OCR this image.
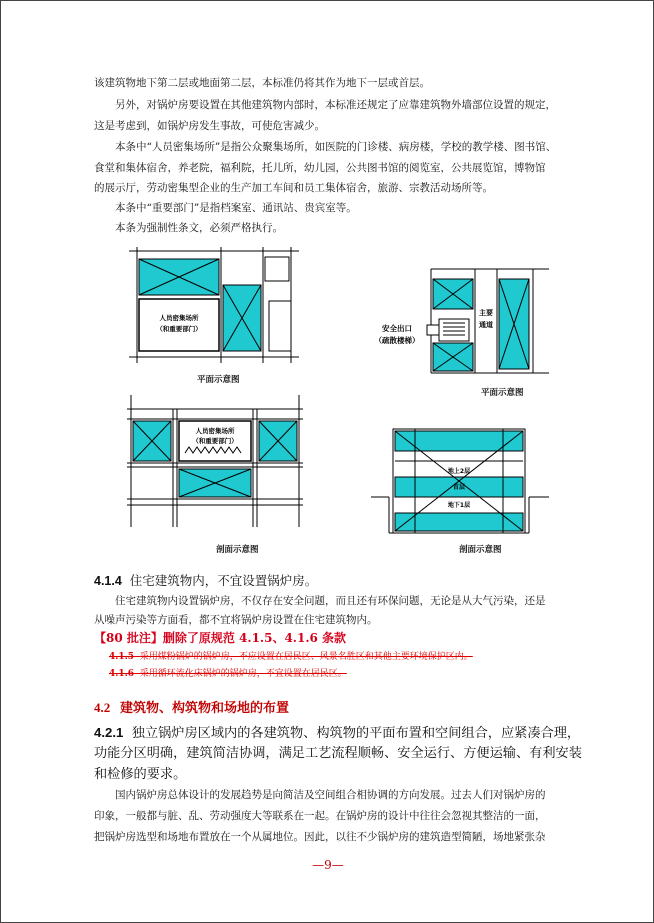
该建筑物地下第二层或地面第二层，本标准仍将其作为地下一层或首层。

另外，对锅炉房要设置在其他建筑物内部时，本标准还规定了应靠建筑物外墙部位设置的规定，

这是考虑到，如锅炉房发生事故，可使危害减少。

本条中“人员密集场所”是指公众聚集场所，如医院的门诊楼、病房楼，学校的教学楼、图书馆、

食堂和集体宿舍，养老院，福利院，托儿所，幼儿园，公共图书馆的阅览室，公共展览馆，博物馆

的展示厅，劳动密集型企业的生产加工车间和员工集体宿舍，旅游、宗教活动场所等。

本条中“重要部门”是指档案室、通讯站、贵宾室等。

本条为强制性条文，必须严格执行。

人员密集场所
（和重要部门）
平面示意图
安全出口
（疏散楼梯）
主要
通道
平面示意图
人员密集场所
（和重要部门）
剖面示意图
地上2层
首层
地下1层
剖面示意图
4.1.4 住宅建筑物内，不宜设置锅炉房。

住宅建筑物内设置锅炉房，不仅存在安全问题，而且还有环保问题，无论是从大气污染，还是

从噪声污染等方面看，都不宜将锅炉房设置在住宅建筑物内。

【80 批注】删除了原规范 4.1.5、4.1.6 条款
4.1.5 采用煤粉锅炉的锅炉房，不应设置在居民区、风景名胜区和其他主要环境保护区内。
4.1.6 采用循环流化床锅炉的锅炉房，不宜设置在居民区。
4.2 建筑物、构筑物和场地的布置
4.2.1 独立锅炉房区域内的各建筑物、构筑物的平面布置和空间组合，应紧凑合理，
功能分区明确，建筑简洁协调，满足工艺流程顺畅、安全运行、方便运输、有利安装
和检修的要求。

国内锅炉房总体设计的发展趋势是向简洁及空间组合相协调的方向发展。过去人们对锅炉房的

印象，一般都与脏、乱、劳动强度大等联系在一起。在锅炉房的设计中往往会忽视其整洁的一面，

把锅炉房选型和场地布置放在一个从属地位。因此，以往不少锅炉房的建筑造型简陋，场地紧张杂

—9—
